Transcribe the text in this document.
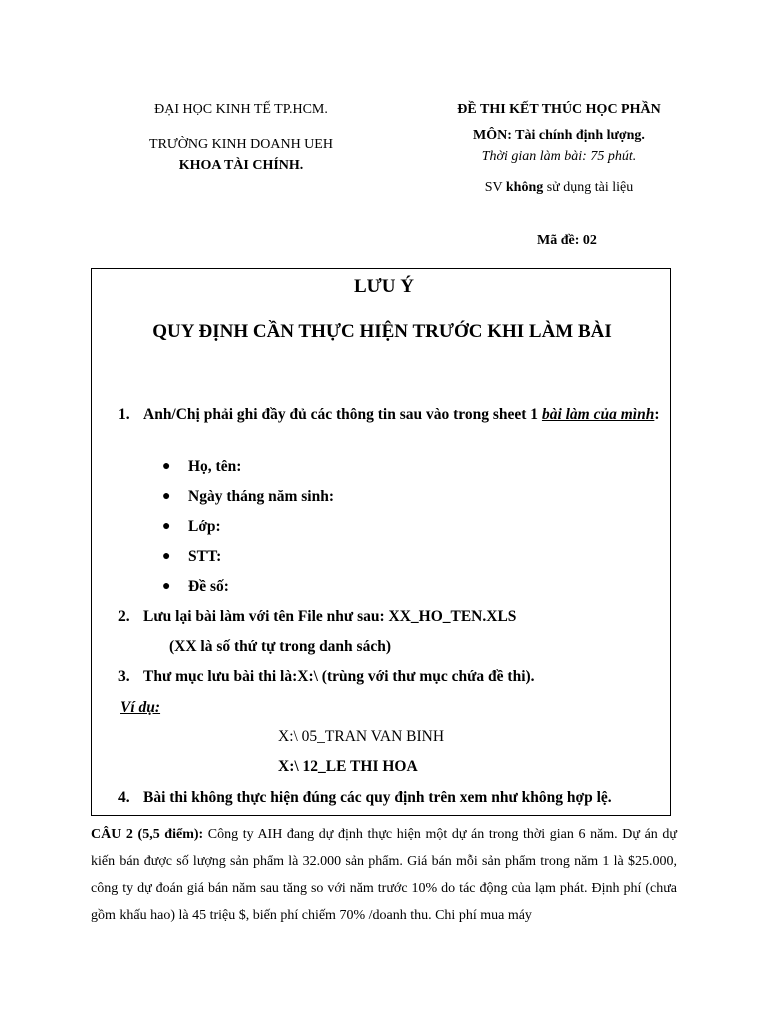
ĐẠI HỌC KINH TẾ TP.HCM.
TRƯỜNG KINH DOANH UEH
KHOA TÀI CHÍNH.
ĐỀ THI KẾT THÚC HỌC PHẦN
MÔN: Tài chính định lượng.
Thời gian làm bài: 75 phút.
SV không sử dụng tài liệu
Mã đề: 02
LƯU Ý
QUY ĐỊNH CẦN THỰC HIỆN TRƯỚC KHI LÀM BÀI
1. Anh/Chị phải ghi đầy đủ các thông tin sau vào trong sheet 1 bài làm của mình:
● Họ, tên:
● Ngày tháng năm sinh:
● Lớp:
● STT:
● Đề số:
2. Lưu lại bài làm với tên File như sau: XX_HO_TEN.XLS
(XX là số thứ tự trong danh sách)
3. Thư mục lưu bài thi là:X:\ (trùng với thư mục chứa đề thi).
Ví dụ:
X:\ 05_TRAN VAN BINH
X:\ 12_LE THI HOA
4. Bài thi không thực hiện đúng các quy định trên xem như không hợp lệ.
CÂU 2 (5,5 điểm): Công ty AIH đang dự định thực hiện một dự án trong thời gian 6 năm. Dự án dự kiến bán được số lượng sản phẩm là 32.000 sản phẩm. Giá bán mỗi sản phẩm trong năm 1 là $25.000, công ty dự đoán giá bán năm sau tăng so với năm trước 10% do tác động của lạm phát. Định phí (chưa gồm khấu hao) là 45 triệu $, biến phí chiếm 70% /doanh thu. Chi phí mua máy
